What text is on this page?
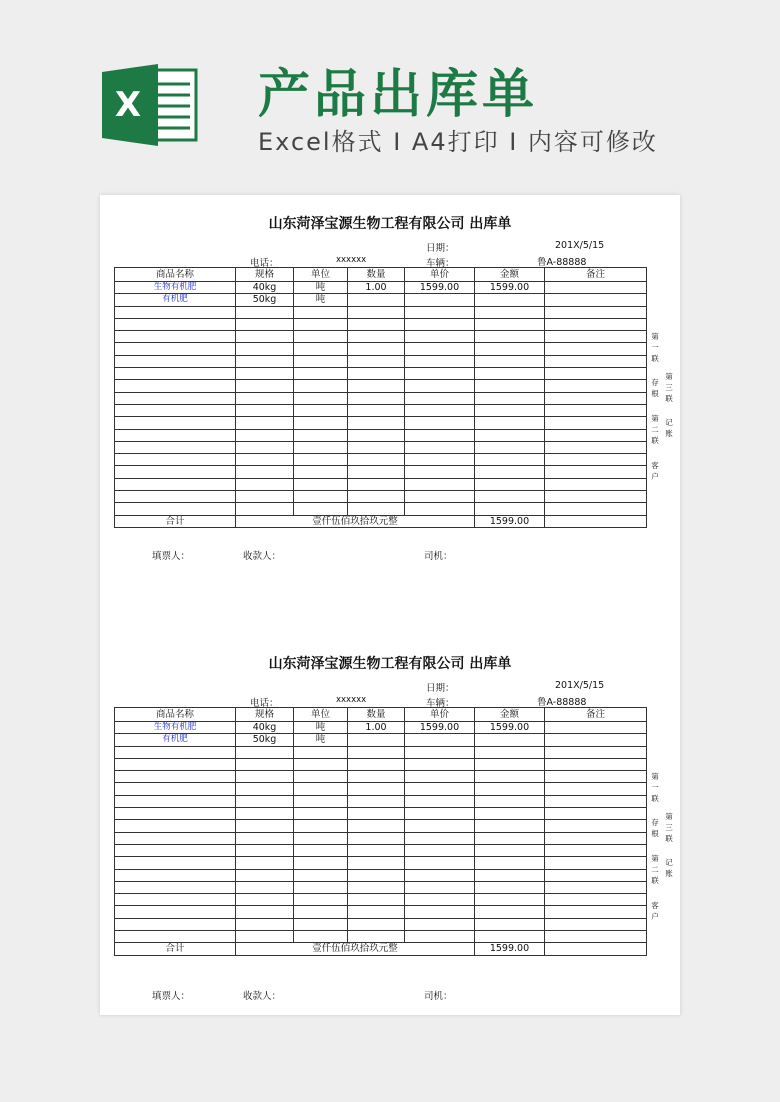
X 产品出库单
Excel格式 I A4打印 I 内容可修改
山东菏泽宝源生物工程有限公司 出库单
日期：	201X/5/15
电话：	xxxxxx	车辆：	鲁A-88888
商品名称	规格	单位	数量	单价	金额	备注
生物有机肥	40kg	吨	1.00	1599.00	1599.00	
有机肥	50kg	吨				

合计	壹仟伍佰玖拾玖元整				1599.00	
填票人：	收款人：	司机：
第一联
存根
第三联
第二联
记账
客户
山东菏泽宝源生物工程有限公司 出库单
日期：	201X/5/15
电话：	xxxxxx	车辆：	鲁A-88888
商品名称	规格	单位	数量	单价	金额	备注
生物有机肥	40kg	吨	1.00	1599.00	1599.00	
有机肥	50kg	吨				

合计	壹仟伍佰玖拾玖元整				1599.00	
填票人：	收款人：	司机：
第一联
存根
第三联
第二联
记账
客户
